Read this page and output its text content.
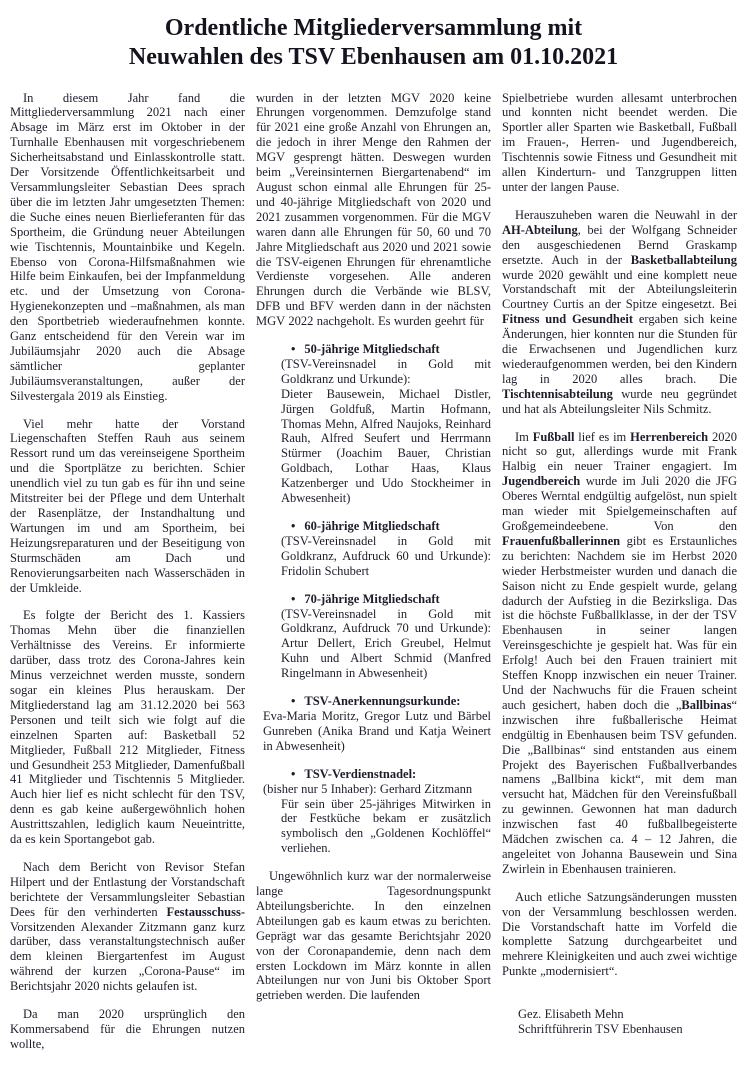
Ordentliche Mitgliederversammlung mit
Neuwahlen des TSV Ebenhausen am 01.10.2021

In diesem Jahr fand die Mittgliederversammlung 2021 nach einer Absage im März erst im Oktober in der Turnhalle Ebenhausen mit vorgeschriebenem Sicherheitsabstand und Einlasskontrolle statt. Der Vorsitzende Öffentlichkeitsarbeit und Versammlungsleiter Sebastian Dees sprach über die im letzten Jahr umgesetzten Themen: die Suche eines neuen Bierlieferanten für das Sportheim, die Gründung neuer Abteilungen wie Tischtennis, Mountainbike und Kegeln. Ebenso von Corona-Hilfsmaßnahmen wie Hilfe beim Einkaufen, bei der Impfanmeldung etc. und der Umsetzung von Corona-Hygienekonzepten und –maßnahmen, als man den Sportbetrieb wiederaufnehmen konnte. Ganz entscheidend für den Verein war im Jubiläumsjahr 2020 auch die Absage sämtlicher geplanter Jubiläumsveranstaltungen, außer der Silvestergala 2019 als Einstieg.

Viel mehr hatte der Vorstand Liegenschaften Steffen Rauh aus seinem Ressort rund um das vereinseigene Sportheim und die Sportplätze zu berichten. Schier unendlich viel zu tun gab es für ihn und seine Mitstreiter bei der Pflege und dem Unterhalt der Rasenplätze, der Instandhaltung und Wartungen im und am Sportheim, bei Heizungsreparaturen und der Beseitigung von Sturmschäden am Dach und Renovierungsarbeiten nach Wasserschäden in der Umkleide.

Es folgte der Bericht des 1. Kassiers Thomas Mehn über die finanziellen Verhältnisse des Vereins. Er informierte darüber, dass trotz des Corona-Jahres kein Minus verzeichnet werden musste, sondern sogar ein kleines Plus herauskam. Der Mitgliederstand lag am 31.12.2020 bei 563 Personen und teilt sich wie folgt auf die einzelnen Sparten auf: Basketball 52 Mitglieder, Fußball 212 Mitglieder, Fitness und Gesundheit 253 Mitglieder, Damenfußball 41 Mitglieder und Tischtennis 5 Mitglieder. Auch hier lief es nicht schlecht für den TSV, denn es gab keine außergewöhnlich hohen Austrittszahlen, lediglich kaum Neueintritte, da es kein Sportangebot gab.

Nach dem Bericht von Revisor Stefan Hilpert und der Entlastung der Vorstandschaft berichtete der Versammlungsleiter Sebastian Dees für den verhinderten Festausschuss-Vorsitzenden Alexander Zitzmann ganz kurz darüber, dass veranstaltungstechnisch außer dem kleinen Biergartenfest im August während der kurzen „Corona-Pause“ im Berichtsjahr 2020 nichts gelaufen ist.

Da man 2020 ursprünglich den Kommersabend für die Ehrungen nutzen wollte,

wurden in der letzten MGV 2020 keine Ehrungen vorgenommen. Demzufolge stand für 2021 eine große Anzahl von Ehrungen an, die jedoch in ihrer Menge den Rahmen der MGV gesprengt hätten. Deswegen wurden beim „Vereinsinternen Biergartenabend“ im August schon einmal alle Ehrungen für 25- und 40-jährige Mitgliedschaft von 2020 und 2021 zusammen vorgenommen. Für die MGV waren dann alle Ehrungen für 50, 60 und 70 Jahre Mitgliedschaft aus 2020 und 2021 sowie die TSV-eigenen Ehrungen für ehrenamtliche Verdienste vorgesehen. Alle anderen Ehrungen durch die Verbände wie BLSV, DFB und BFV werden dann in der nächsten MGV 2022 nachgeholt. Es wurden geehrt für

• 50-jährige Mitgliedschaft
(TSV-Vereinsnadel in Gold mit Goldkranz und Urkunde):
Dieter Bausewein, Michael Distler, Jürgen Goldfuß, Martin Hofmann, Thomas Mehn, Alfred Naujoks, Reinhard Rauh, Alfred Seufert und Herrmann Stürmer (Joachim Bauer, Christian Goldbach, Lothar Haas, Klaus Katzenberger und Udo Stockheimer in Abwesenheit)
• 60-jährige Mitgliedschaft
(TSV-Vereinsnadel in Gold mit Goldkranz, Aufdruck 60 und Urkunde): Fridolin Schubert
• 70-jährige Mitgliedschaft
(TSV-Vereinsnadel in Gold mit Goldkranz, Aufdruck 70 und Urkunde): Artur Dellert, Erich Greubel, Helmut Kuhn und Albert Schmid (Manfred Ringelmann in Abwesenheit)
• TSV-Anerkennungsurkunde:
Eva-Maria Moritz, Gregor Lutz und Bärbel Gunreben (Anika Brand und Katja Weinert in Abwesenheit)
• TSV-Verdienstnadel:
(bisher nur 5 Inhaber): Gerhard Zitzmann
Für sein über 25-jähriges Mitwirken in der Festküche bekam er zusätzlich symbolisch den „Goldenen Kochlöffel“ verliehen.

Ungewöhnlich kurz war der normalerweise lange Tagesordnungspunkt Abteilungsberichte. In den einzelnen Abteilungen gab es kaum etwas zu berichten. Geprägt war das gesamte Berichtsjahr 2020 von der Coronapandemie, denn nach dem ersten Lockdown im März konnte in allen Abteilungen nur von Juni bis Oktober Sport getrieben werden. Die laufenden

Spielbetriebe wurden allesamt unterbrochen und konnten nicht beendet werden. Die Sportler aller Sparten wie Basketball, Fußball im Frauen-, Herren- und Jugendbereich, Tischtennis sowie Fitness und Gesundheit mit allen Kinderturn- und Tanzgruppen litten unter der langen Pause.

Herauszuheben waren die Neuwahl in der AH-Abteilung, bei der Wolfgang Schneider den ausgeschiedenen Bernd Graskamp ersetzte. Auch in der Basketballabteilung wurde 2020 gewählt und eine komplett neue Vorstandschaft mit der Abteilungsleiterin Courtney Curtis an der Spitze eingesetzt. Bei Fitness und Gesundheit ergaben sich keine Änderungen, hier konnten nur die Stunden für die Erwachsenen und Jugendlichen kurz wiederaufgenommen werden, bei den Kindern lag in 2020 alles brach. Die Tischtennisabteilung wurde neu gegründet und hat als Abteilungsleiter Nils Schmitz.

Im Fußball lief es im Herrenbereich 2020 nicht so gut, allerdings wurde mit Frank Halbig ein neuer Trainer engagiert. Im Jugendbereich wurde im Juli 2020 die JFG Oberes Werntal endgültig aufgelöst, nun spielt man wieder mit Spielgemeinschaften auf Großgemeindeebene. Von den Frauenfußballerinnen gibt es Erstaunliches zu berichten: Nachdem sie im Herbst 2020 wieder Herbstmeister wurden und danach die Saison nicht zu Ende gespielt wurde, gelang dadurch der Aufstieg in die Bezirksliga. Das ist die höchste Fußballklasse, in der der TSV Ebenhausen in seiner langen Vereinsgeschichte je gespielt hat. Was für ein Erfolg! Auch bei den Frauen trainiert mit Steffen Knopp inzwischen ein neuer Trainer. Und der Nachwuchs für die Frauen scheint auch gesichert, haben doch die „Ballbinas“ inzwischen ihre fußballerische Heimat endgültig in Ebenhausen beim TSV gefunden. Die „Ballbinas“ sind entstanden aus einem Projekt des Bayerischen Fußballverbandes namens „Ballbina kickt“, mit dem man versucht hat, Mädchen für den Vereinsfußball zu gewinnen. Gewonnen hat man dadurch inzwischen fast 40 fußballbegeisterte Mädchen zwischen ca. 4 – 12 Jahren, die angeleitet von Johanna Bausewein und Sina Zwirlein in Ebenhausen trainieren.

Auch etliche Satzungsänderungen mussten von der Versammlung beschlossen werden. Die Vorstandschaft hatte im Vorfeld die komplette Satzung durchgearbeitet und mehrere Kleinigkeiten und auch zwei wichtige Punkte „modernisiert“.

Gez. Elisabeth Mehn
Schriftführerin TSV Ebenhausen
